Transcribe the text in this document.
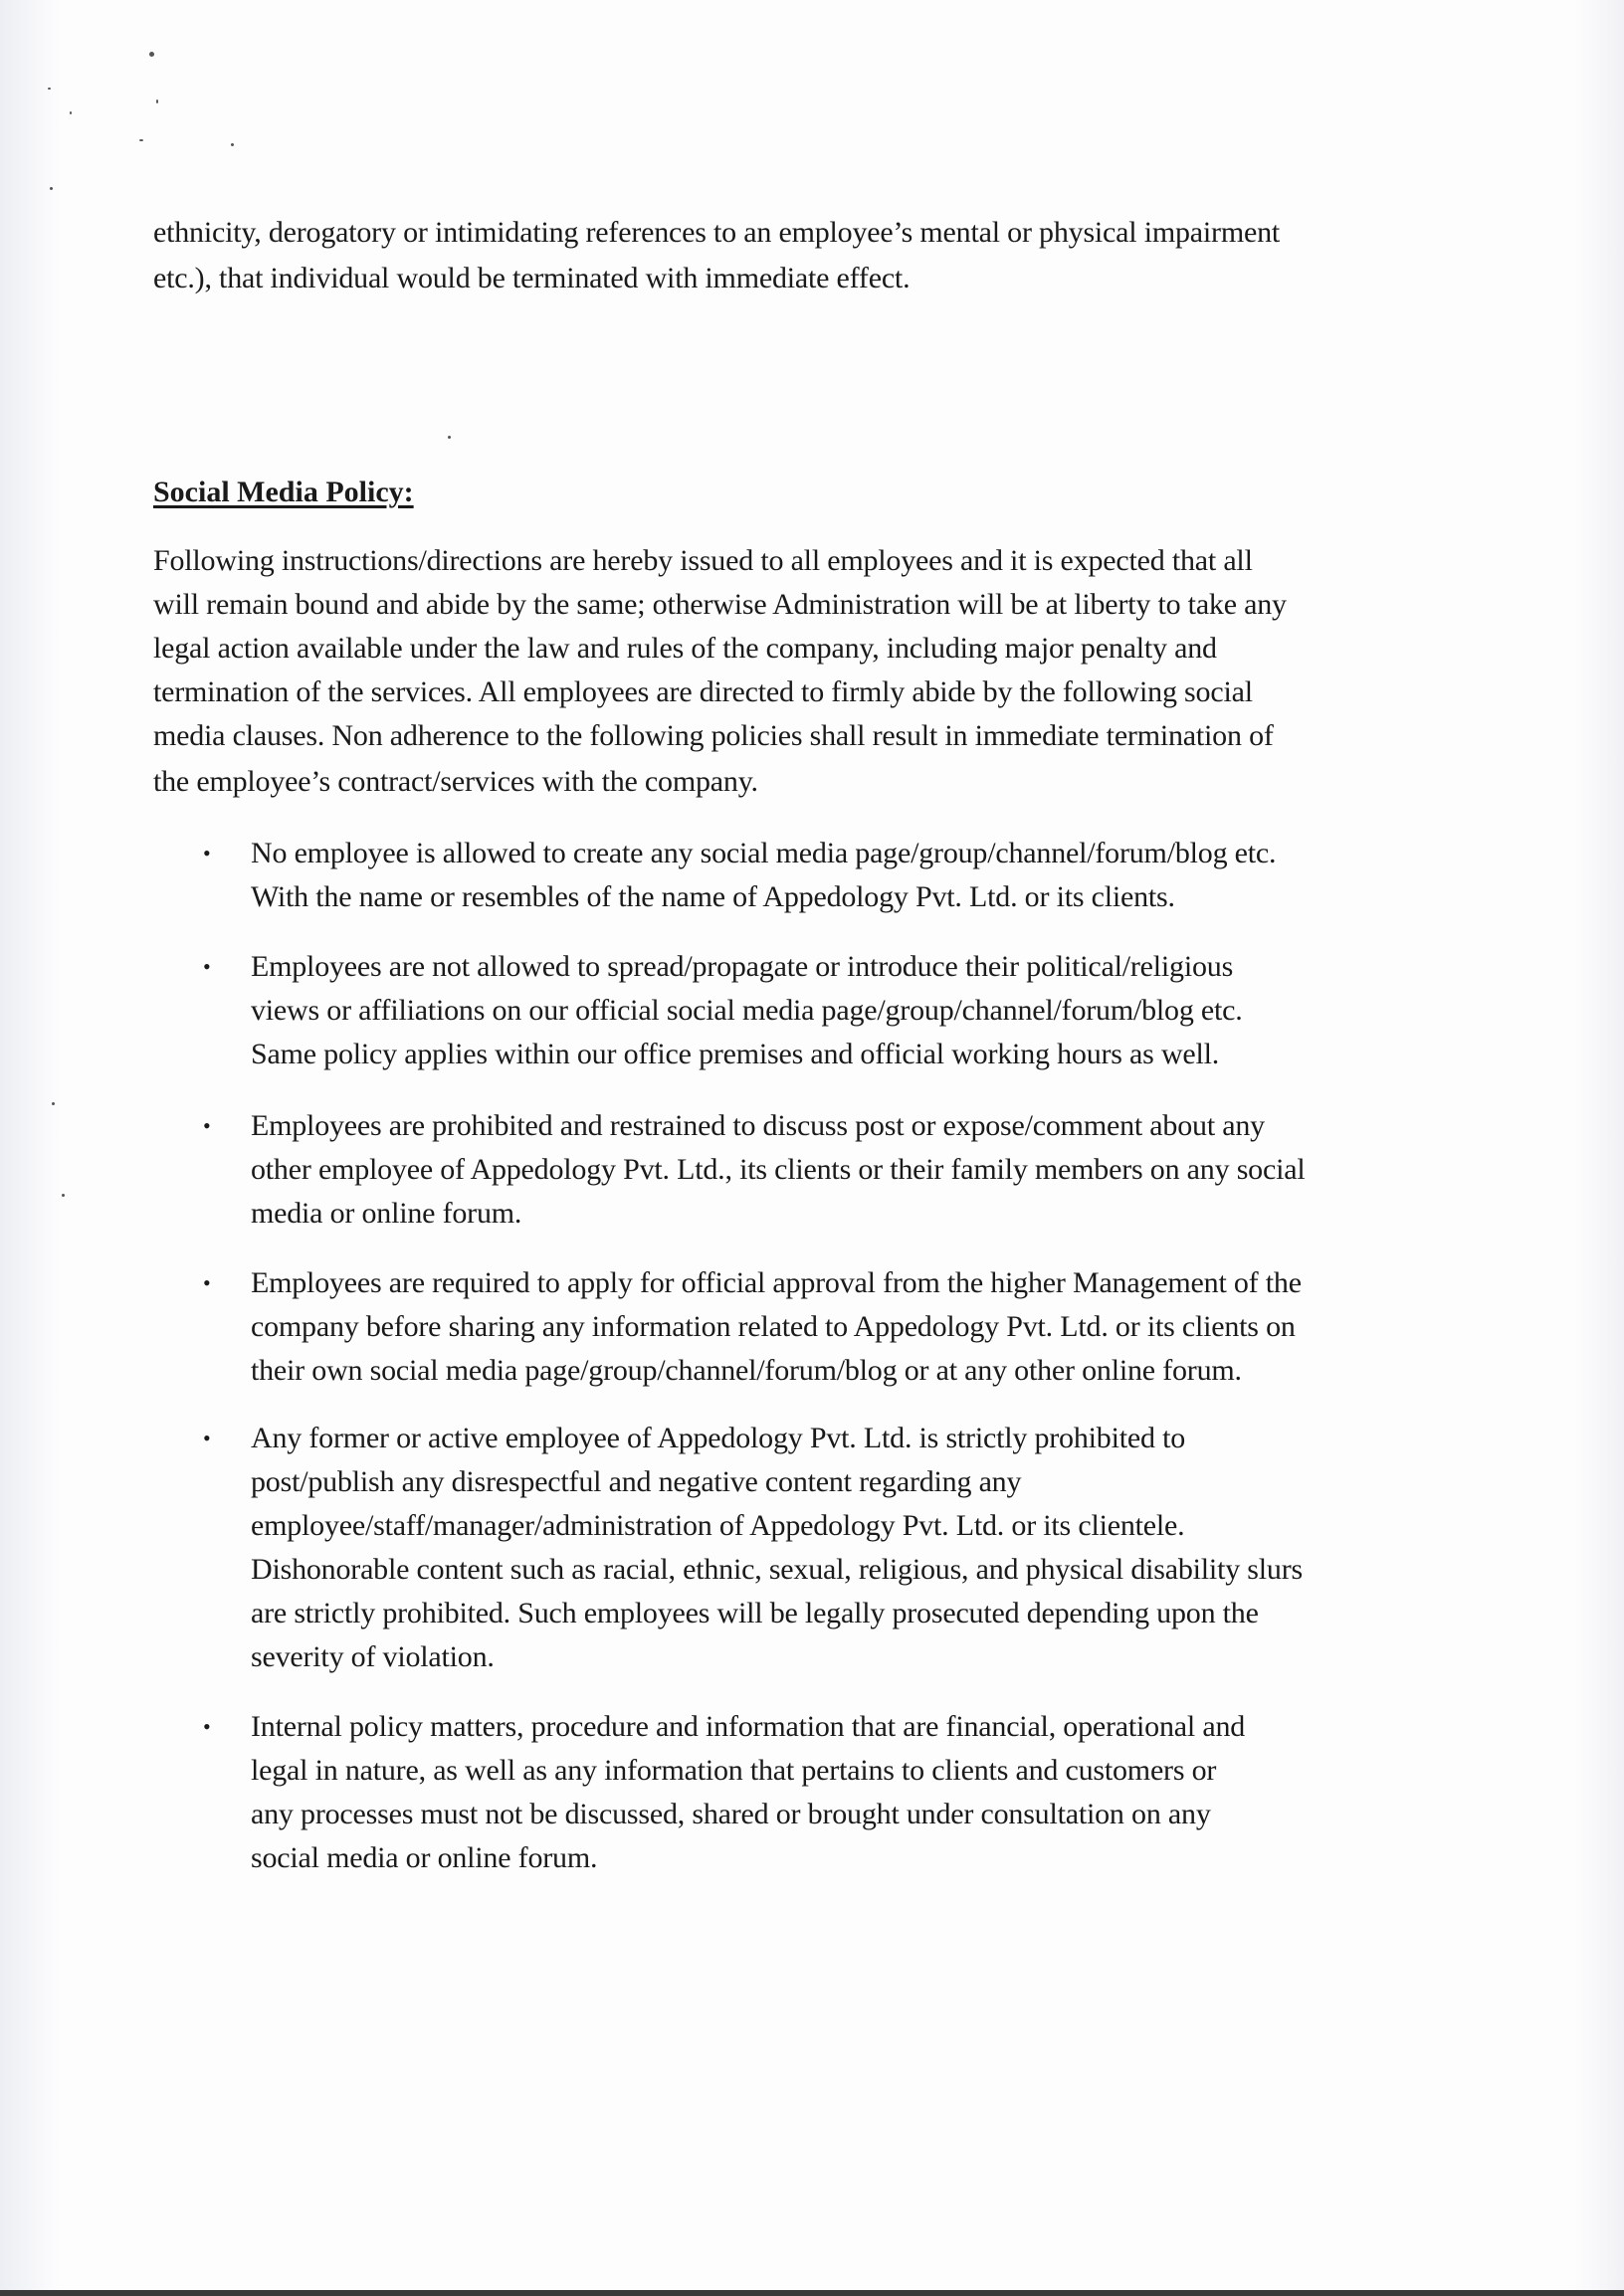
ethnicity, derogatory or intimidating references to an employee’s mental or physical impairment
etc.), that individual would be terminated with immediate effect.
Social Media Policy:
Following instructions/directions are hereby issued to all employees and it is expected that all
will remain bound and abide by the same; otherwise Administration will be at liberty to take any
legal action available under the law and rules of the company, including major penalty and
termination of the services. All employees are directed to firmly abide by the following social
media clauses. Non adherence to the following policies shall result in immediate termination of
the employee’s contract/services with the company.
• No employee is allowed to create any social media page/group/channel/forum/blog etc.
With the name or resembles of the name of Appedology Pvt. Ltd. or its clients.
• Employees are not allowed to spread/propagate or introduce their political/religious
views or affiliations on our official social media page/group/channel/forum/blog etc.
Same policy applies within our office premises and official working hours as well.
• Employees are prohibited and restrained to discuss post or expose/comment about any
other employee of Appedology Pvt. Ltd., its clients or their family members on any social
media or online forum.
• Employees are required to apply for official approval from the higher Management of the
company before sharing any information related to Appedology Pvt. Ltd. or its clients on
their own social media page/group/channel/forum/blog or at any other online forum.
• Any former or active employee of Appedology Pvt. Ltd. is strictly prohibited to
post/publish any disrespectful and negative content regarding any
employee/staff/manager/administration of Appedology Pvt. Ltd. or its clientele.
Dishonorable content such as racial, ethnic, sexual, religious, and physical disability slurs
are strictly prohibited. Such employees will be legally prosecuted depending upon the
severity of violation.
• Internal policy matters, procedure and information that are financial, operational and
legal in nature, as well as any information that pertains to clients and customers or
any processes must not be discussed, shared or brought under consultation on any
social media or online forum.
